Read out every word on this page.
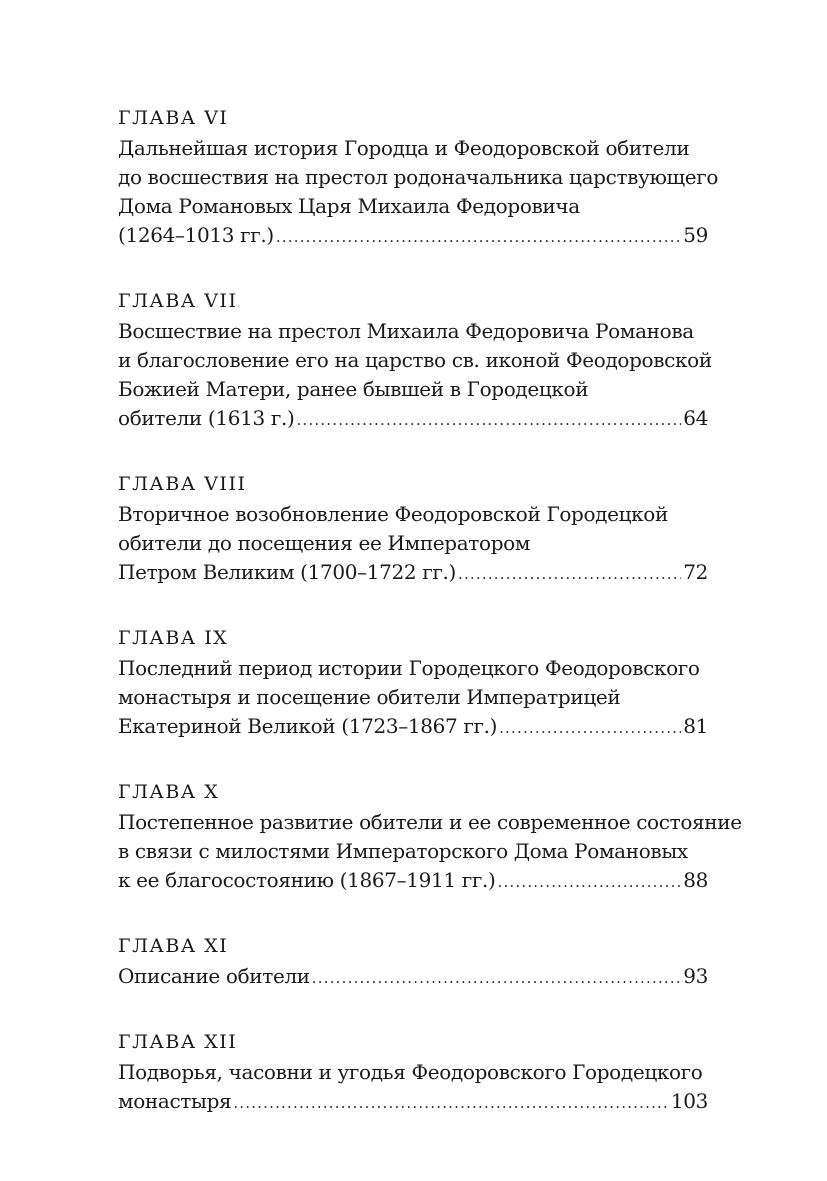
ГЛАВА VI
Дальнейшая история Городца и Феодоровской обители
до восшествия на престол родоначальника царствующего
Дома Романовых Царя Михаила Федоровича
(1264–1013 гг.) .....	59
ГЛАВА VII
Восшествие на престол Михаила Федоровича Романова
и благословение его на царство св. иконой Феодоровской
Божией Матери, ранее бывшей в Городецкой
обители (1613 г.) .....	64
ГЛАВА VIII
Вторичное возобновление Феодоровской Городецкой
обители до посещения ее Императором
Петром Великим (1700–1722 гг.) .....	72
ГЛАВА IX
Последний период истории Городецкого Феодоровского
монастыря и посещение обители Императрицей
Екатериной Великой (1723–1867 гг.) .....	81
ГЛАВА X
Постепенное развитие обители и ее современное состояние
в связи с милостями Императорского Дома Романовых
к ее благосостоянию (1867–1911 гг.) .....	88
ГЛАВА XI
Описание обители .....	93
ГЛАВА XII
Подворья, часовни и угодья Феодоровского Городецкого
монастыря .....	103
